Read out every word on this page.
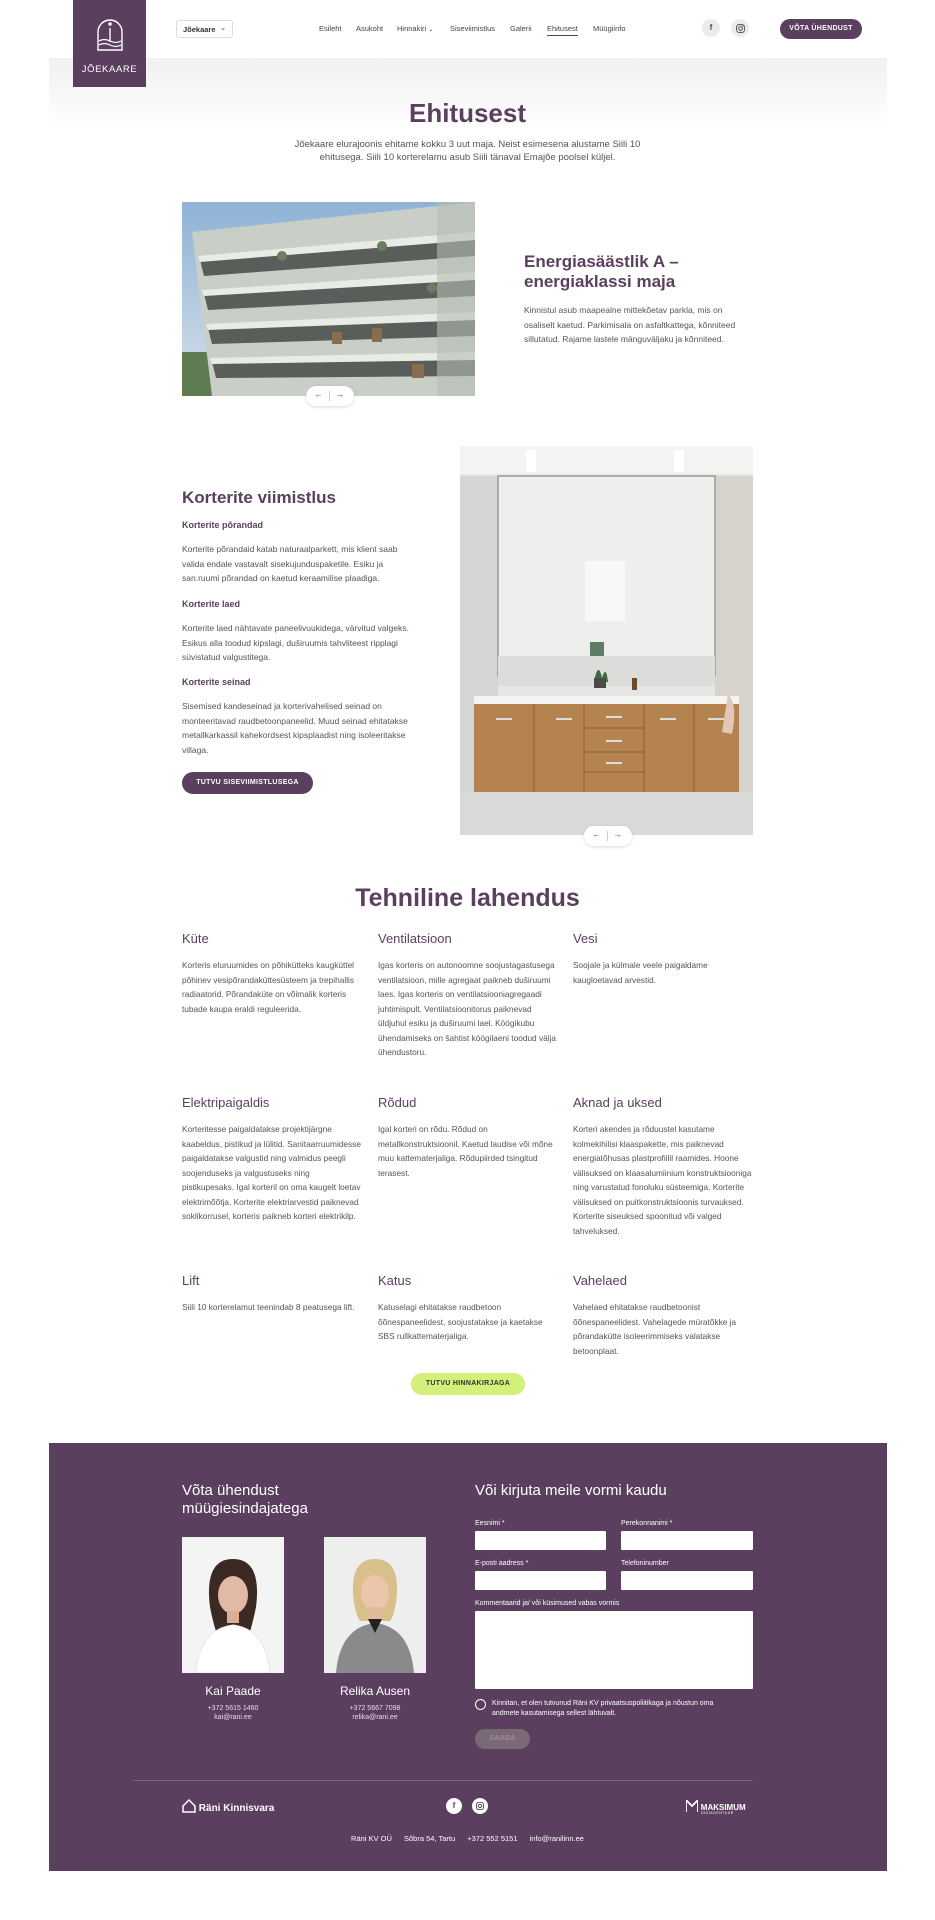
JÕEKAARE
Jõekaare ⌄	Esileht Asukoht Hinnakiri ⌄ Siseviimistlus Galerii Ehitusest Müügiinfo	f	VÕTA ÜHENDUST
Ehitusest

Jõekaare elurajoonis ehitame kokku 3 uut maja. Neist esimesena alustame Siili 10 ehitusega. Siili 10 korterelamu asub Siili tänaval Emajõe poolsel küljel.

← →
Energiasäästlik A – energiaklassi maja

Kinnistul asub maapealne mittekõetav parkla, mis on osaliselt kaetud. Parkimisala on asfaltkattega, kõnniteed sillutatud. Rajame lastele mänguväljaku ja kõnniteed.

Korterite viimistlus
Korterite põrandad

Korterite põrandaid katab naturaalparkett, mis klient saab valida endale vastavalt sisekujunduspaketile. Esiku ja san.ruumi põrandad on kaetud keraamilise plaadiga.

Korterite laed

Korterite laed nähtavate paneelivuukidega, värvitud valgeks. Esikus alla toodud kipslagi, duširuumis tahvliteest ripplagi süvistatud valgustitega.

Korterite seinad

Sisemised kandeseinad ja korterivahelised seinad on monteeritavad raudbetoonpaneelid. Muud seinad ehitatakse metallkarkassil kahekordsest kipsplaadist ning isoleeritakse villaga.

TUTVU SISEVIIMISTLUSEGA
← →
Tehniline lahendus
Küte

Korteris eluruumides on põhikütteks kaugküttel põhinev vesipõrandaküttesüsteem ja trepihallis radiaatorid. Põrandaküte on võimalik korteris tubade kaupa eraldi reguleerida.

Ventilatsioon

Igas korteris on autonoomne soojustagastusega ventilatsioon, mille agregaat paikneb duširuumi laes. Igas korteris on ventilatsiooniagregaadi juhtimispult. Ventilatsioonitorus paiknevad üldjuhul esiku ja duširuumi lael. Köögikubu ühendamiseks on šahtist köögilaeni toodud välja ühendustoru.

Vesi

Soojale ja külmale veele paigaldame kaugloetavad arvestid.

Elektripaigaldis

Korteritesse paigaldatakse projektijärgne kaabeldus, pistikud ja lülitid. Sanitaarruumidesse paigaldatakse valgustid ning valmidus peegli soojenduseks ja valgustuseks ning pistikupesaks. Igal korteril on oma kaugelt loetav elektrimõõtja. Korterite elektriarvestid paiknevad soklikorrusel, korteris paikneb korteri elektrikilp.

Rõdud

Igal korteri on rõdu. Rõdud on metallkonstruktsioonil. Kaetud laudise või mõne muu kattematerjaliga. Rõdupiirded tsingitud terasest.

Aknad ja uksed

Korteri akendes ja rõduustel kasutame kolmekihilisi klaaspakette, mis paiknevad energiatõhusas plastprofiilil raamides. Hoone välisuksed on klaasalumiinium konstruktsiooniga ning varustatud fonoluku süsteemiga. Korterite välisuksed on puitkonstruktsioonis turvauksed. Korterite siseuksed spoonitud või valged tahveluksed.

Lift

Siili 10 korterelamut teenindab 8 peatusega lift.

Katus

Katuselagi ehitatakse raudbetoon õõnespaneelidest, soojustatakse ja kaetakse SBS rullkattematerjaliga.

Vahelaed

Vahelaed ehitatakse raudbetoonist õõnespaneelidest. Vahelagede müratõkke ja põrandakütte isoleerimmiseks valatakse betoonplaat.

TUTVU HINNAKIRJAGA
Võta ühendust müügiesindajatega
Või kirjuta meile vormi kaudu
Kai Paade
+372 5615 1460
kai@rani.ee
Relika Ausen
+372 5667 7098
relika@rani.ee
Eesnimi *	Perekonnanimi *
E-posti aadress *	Telefoninumber
Kommentaarid ja/ või küsimused vabas vormis
Kinnitan, et olen tutvunud Räni KV privaatsuspoliitikaga ja nõustun oma andmete kasutamisega sellest lähtuvalt.
SAADA
Räni Kinnisvara	f	MAKSIMUM
DIGIAGENTUUR
Räni KV OÜ Sõbra 54, Tartu +372 552 5151 info@ranilinn.ee
